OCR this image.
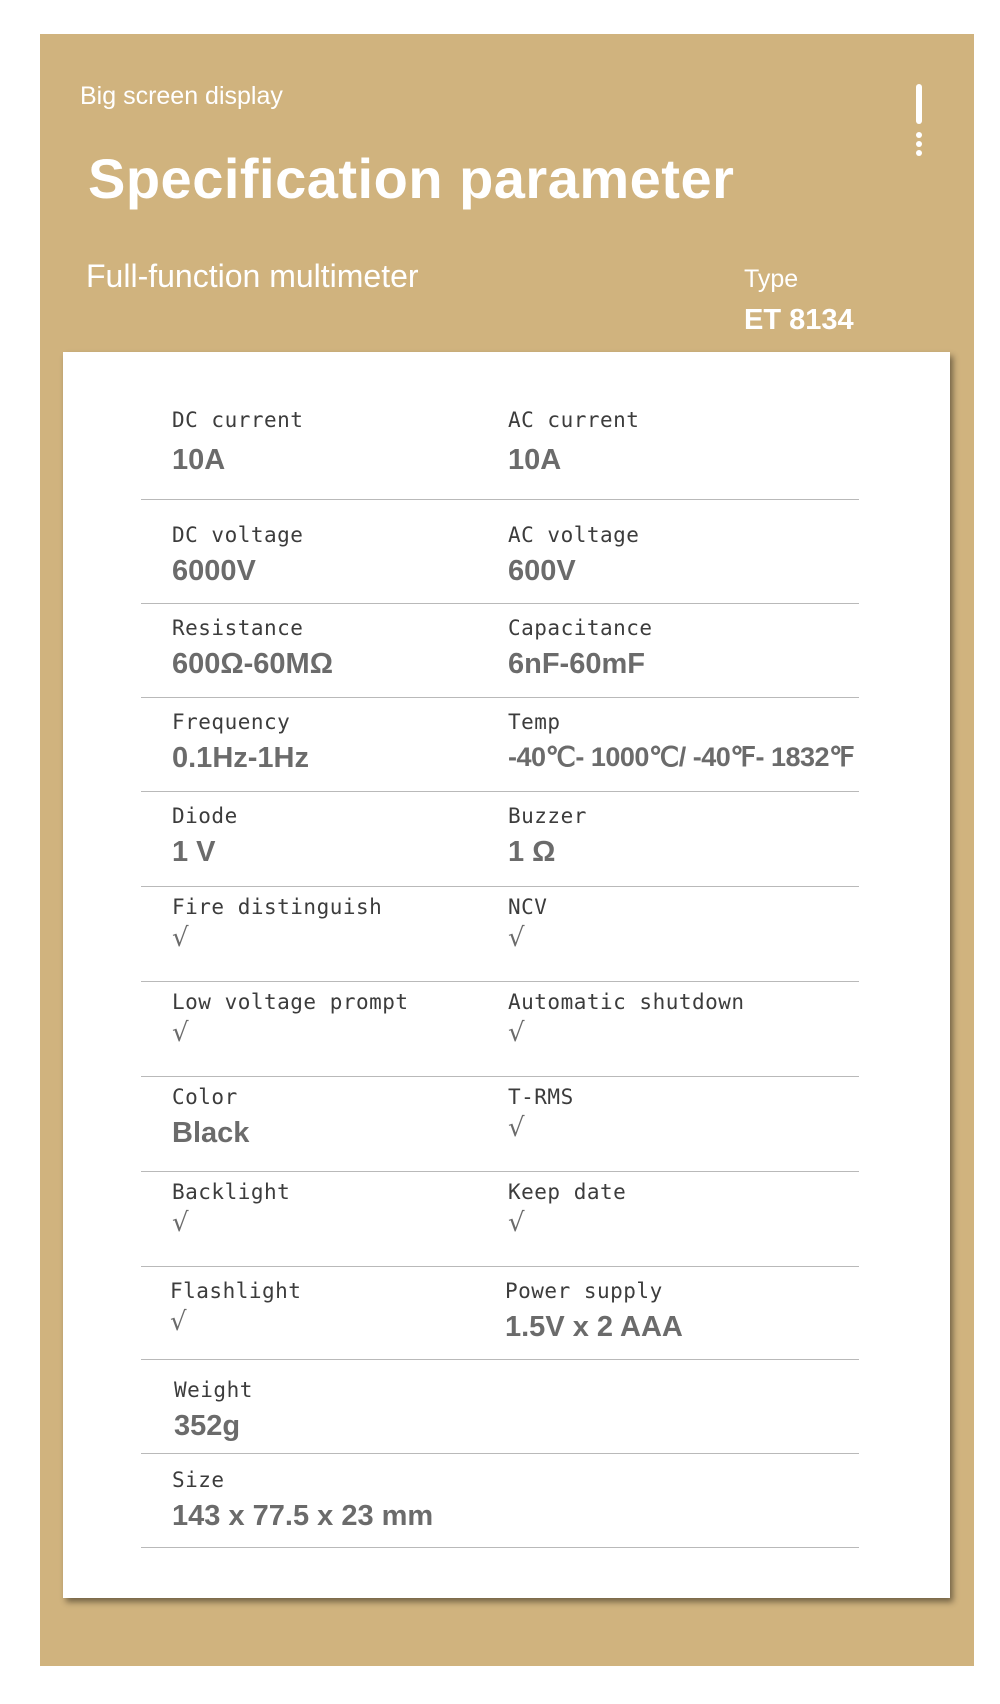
Big screen display
Specification parameter
Full-function multimeter	Type
ET 8134
DC current
10A
AC current
10A
DC voltage
6000V
AC voltage
600V
Resistance
600Ω-60MΩ
Capacitance
6nF-60mF
Frequency
0.1Hz-1Hz
Temp
-40℃- 1000℃/ -40℉- 1832℉
Diode
1 V
Buzzer
1 Ω
Fire distinguish
√
NCV
√
Low voltage prompt
√
Automatic shutdown
√
Color
Black
T-RMS
√
Backlight
√
Keep date
√
Flashlight
√
Power supply
1.5V x 2 AAA
Weight
352g
Size
143 x 77.5 x 23 mm
